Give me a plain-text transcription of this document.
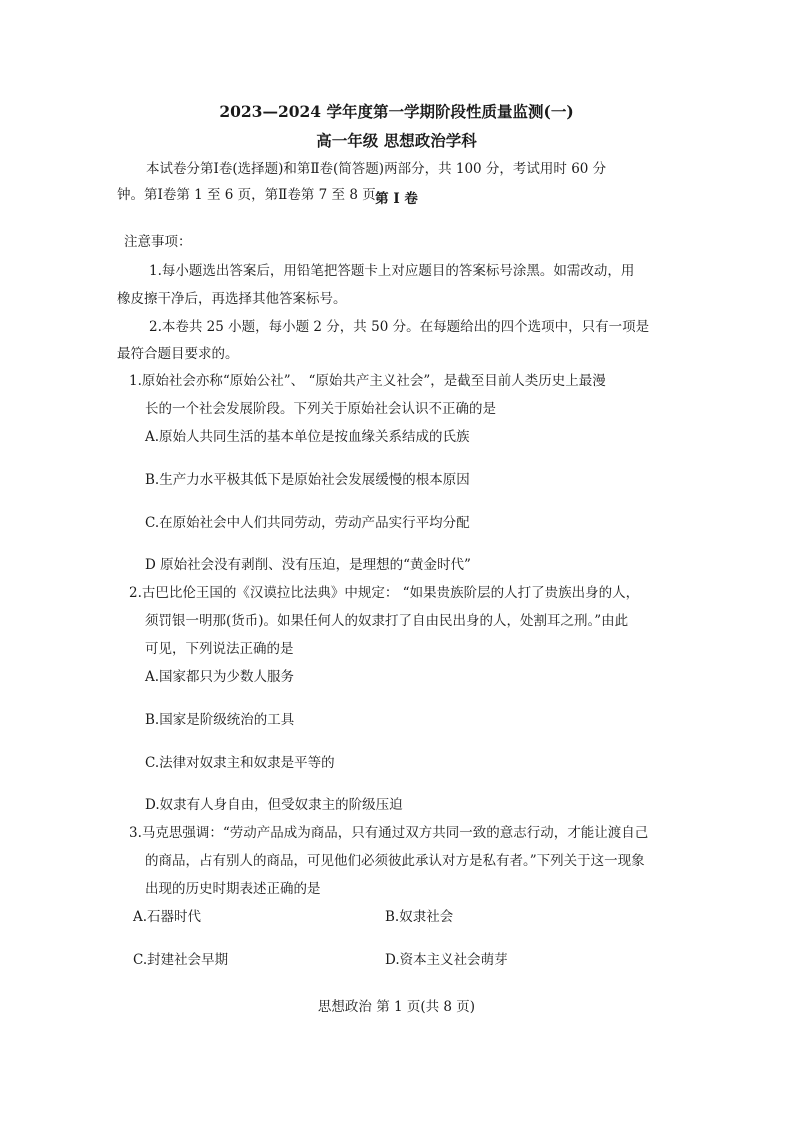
2023—2024 学年度第一学期阶段性质量监测(一)
高一年级 思想政治学科
本试卷分第Ⅰ卷(选择题)和第Ⅱ卷(简答题)两部分，共 100 分，考试用时 60 分
钟。第Ⅰ卷第 1 至 6 页，第Ⅱ卷第 7 至 8 页。
第 Ⅰ 卷
注意事项：
1.每小题选出答案后，用铅笔把答题卡上对应题目的答案标号涂黑。如需改动，用
橡皮擦干净后，再选择其他答案标号。
2.本卷共 25 小题，每小题 2 分，共 50 分。在每题给出的四个选项中，只有一项是
最符合题目要求的。
1.原始社会亦称“原始公社”、 “原始共产主义社会”，是截至目前人类历史上最漫
长的一个社会发展阶段。下列关于原始社会认识不正确的是
A.原始人共同生活的基本单位是按血缘关系结成的氏族
B.生产力水平极其低下是原始社会发展缓慢的根本原因
C.在原始社会中人们共同劳动，劳动产品实行平均分配
D 原始社会没有剥削、没有压迫，是理想的“黄金时代”
2.古巴比伦王国的《汉谟拉比法典》中规定： “如果贵族阶层的人打了贵族出身的人，
须罚银一明那(货币)。如果任何人的奴隶打了自由民出身的人，处割耳之刑。”由此
可见，下列说法正确的是
A.国家都只为少数人服务
B.国家是阶级统治的工具
C.法律对奴隶主和奴隶是平等的
D.奴隶有人身自由，但受奴隶主的阶级压迫
3.马克思强调：“劳动产品成为商品，只有通过双方共同一致的意志行动，才能让渡自己
的商品，占有别人的商品，可见他们必须彼此承认对方是私有者。”下列关于这一现象
出现的历史时期表述正确的是
A.石器时代	B.奴隶社会
C.封建社会早期	D.资本主义社会萌芽
思想政治 第 1 页(共 8 页)
